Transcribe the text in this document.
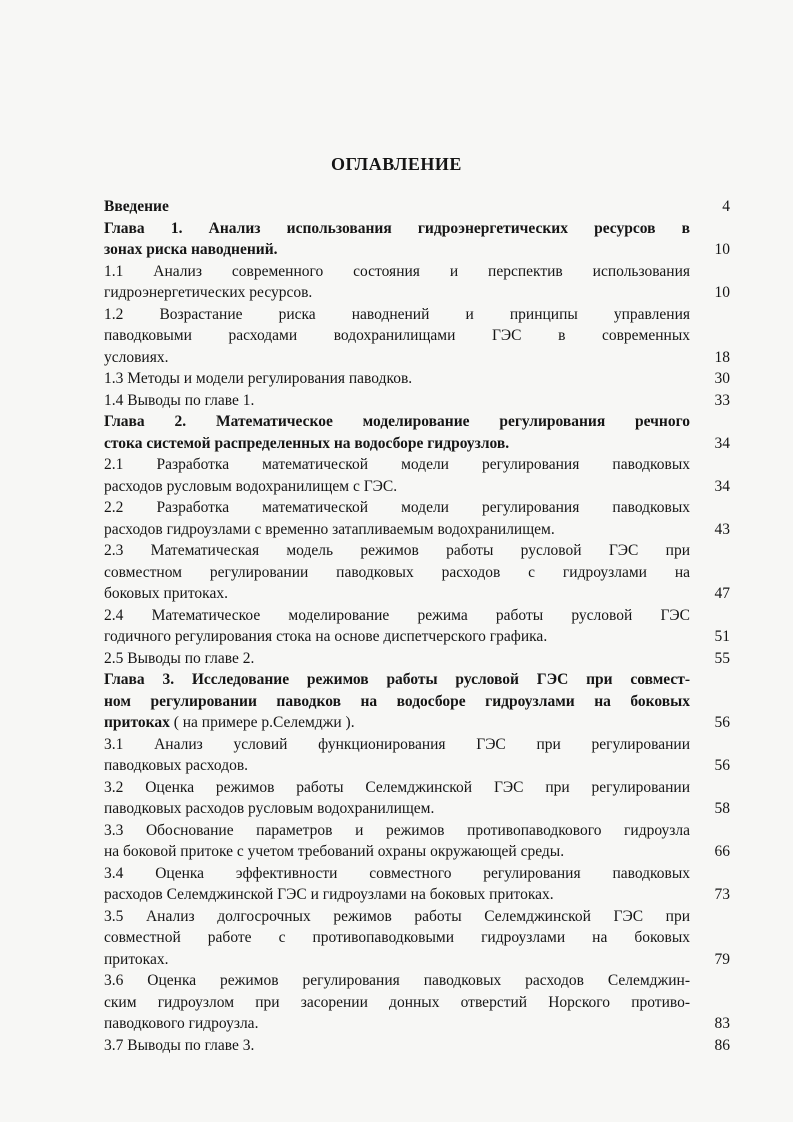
ОГЛАВЛЕНИЕ
Введение	4
Глава 1. Анализ использования гидроэнергетических ресурсов в
зонах риска наводнений.	10
1.1 Анализ современного состояния и перспектив использования
гидроэнергетических ресурсов.	10
1.2 Возрастание риска наводнений и принципы управления
паводковыми расходами водохранилищами ГЭС в современных
условиях.	18
1.3 Методы и модели регулирования паводков.	30
1.4 Выводы по главе 1.	33
Глава 2. Математическое моделирование регулирования речного
стока системой распределенных на водосборе гидроузлов.	34
2.1 Разработка математической модели регулирования паводковых
расходов русловым водохранилищем с ГЭС.	34
2.2 Разработка математической модели регулирования паводковых
расходов гидроузлами с временно затапливаемым водохранилищем.	43
2.3 Математическая модель режимов работы русловой ГЭС при
совместном регулировании паводковых расходов с гидроузлами на
боковых притоках.	47
2.4 Математическое моделирование режима работы русловой ГЭС
годичного регулирования стока на основе диспетчерского графика.	51
2.5 Выводы по главе 2.	55
Глава 3. Исследование режимов работы русловой ГЭС при совмест-
ном регулировании паводков на водосборе гидроузлами на боковых
притоках ( на примере р.Селемджи ).	56
3.1 Анализ условий функционирования ГЭС при регулировании
паводковых расходов.	56
3.2 Оценка режимов работы Селемджинской ГЭС при регулировании
паводковых расходов русловым водохранилищем.	58
3.3 Обоснование параметров и режимов противопаводкового гидроузла
на боковой притоке с учетом требований охраны окружающей среды.	66
3.4 Оценка эффективности совместного регулирования паводковых
расходов Селемджинской ГЭС и гидроузлами на боковых притоках.	73
3.5 Анализ долгосрочных режимов работы Селемджинской ГЭС при
совместной работе с противопаводковыми гидроузлами на боковых
притоках.	79
3.6 Оценка режимов регулирования паводковых расходов Селемджин-
ским гидроузлом при засорении донных отверстий Норского противо-
паводкового гидроузла.	83
3.7 Выводы по главе 3.	86
